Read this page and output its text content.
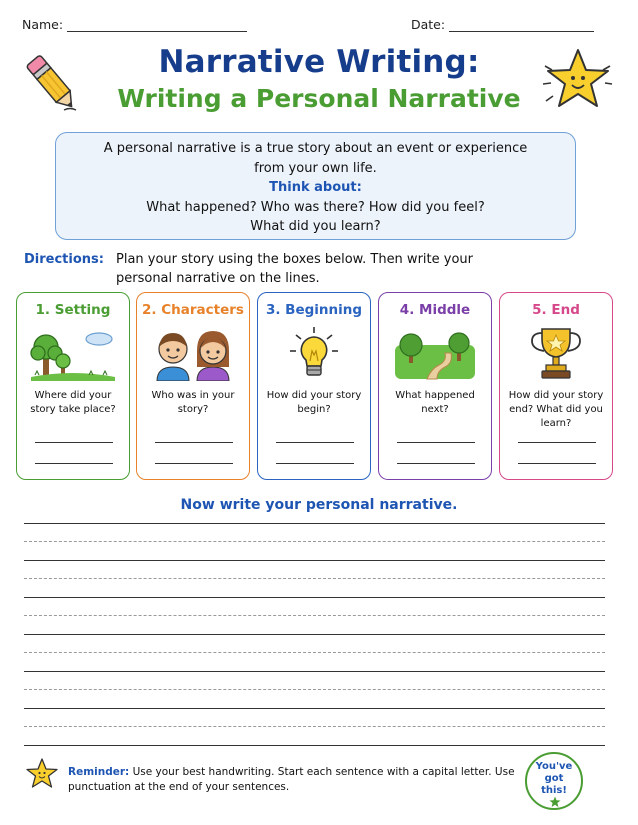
Name:	Date:
Narrative Writing:
Writing a Personal Narrative
A personal narrative is a true story about an event or experience
from your own life.
Think about:
What happened? Who was there? How did you feel?
What did you learn?
Directions: Plan your story using the boxes below. Then write your personal narrative on the lines.
1. Setting
Where did your story take place?
2. Characters
Who was in your story?
3. Beginning
How did your story begin?
4. Middle
What happened next?
5. End
How did your story end? What did you learn?
Now write your personal narrative.
Reminder: Use your best handwriting. Start each sentence with a capital letter. Use punctuation at the end of your sentences.
You've
got
this!
